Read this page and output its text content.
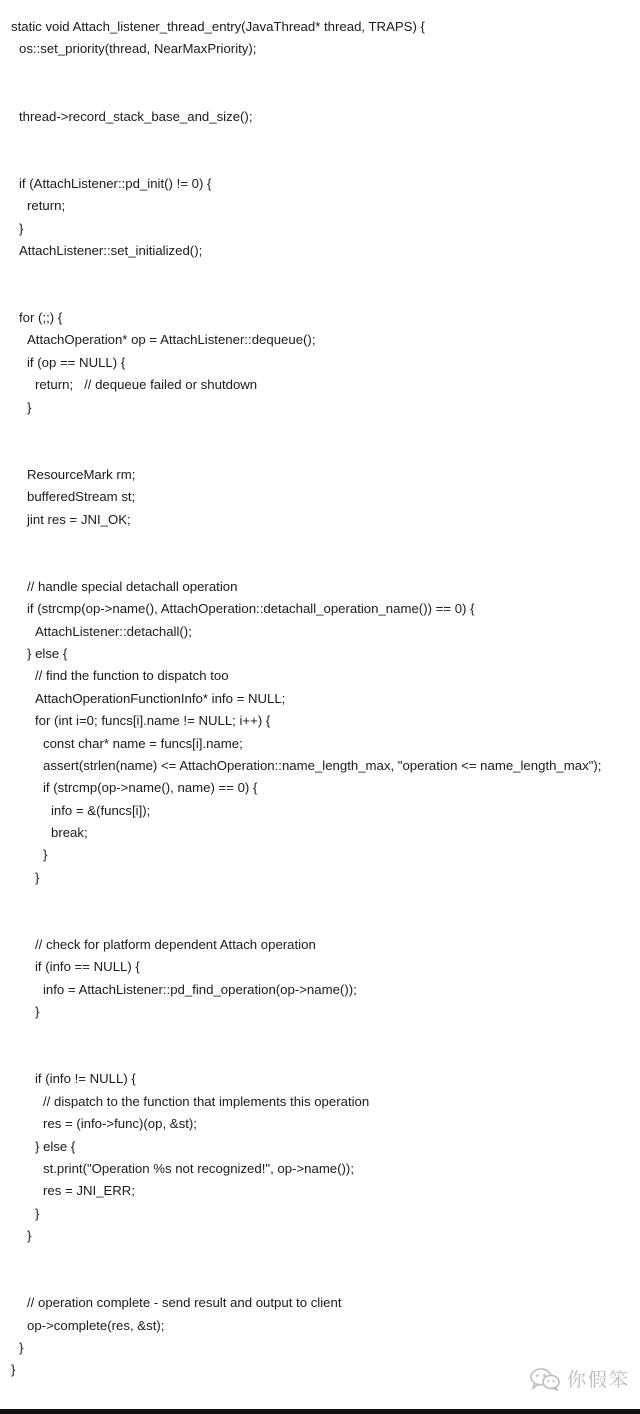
static void Attach_listener_thread_entry(JavaThread* thread, TRAPS) {
os::set_priority(thread, NearMaxPriority);
thread->record_stack_base_and_size();
if (AttachListener::pd_init() != 0) {
return;
}
AttachListener::set_initialized();
for (;;) {
AttachOperation* op = AttachListener::dequeue();
if (op == NULL) {
return;   // dequeue failed or shutdown
}
ResourceMark rm;
bufferedStream st;
jint res = JNI_OK;
// handle special detachall operation
if (strcmp(op->name(), AttachOperation::detachall_operation_name()) == 0) {
AttachListener::detachall();
} else {
// find the function to dispatch too
AttachOperationFunctionInfo* info = NULL;
for (int i=0; funcs[i].name != NULL; i++) {
const char* name = funcs[i].name;
assert(strlen(name) <= AttachOperation::name_length_max, "operation <= name_length_max");
if (strcmp(op->name(), name) == 0) {
info = &(funcs[i]);
break;
}
}
// check for platform dependent Attach operation
if (info == NULL) {
info = AttachListener::pd_find_operation(op->name());
}
if (info != NULL) {
// dispatch to the function that implements this operation
res = (info->func)(op, &st);
} else {
st.print("Operation %s not recognized!", op->name());
res = JNI_ERR;
}
}
// operation complete - send result and output to client
op->complete(res, &st);
}
}	你假笨
